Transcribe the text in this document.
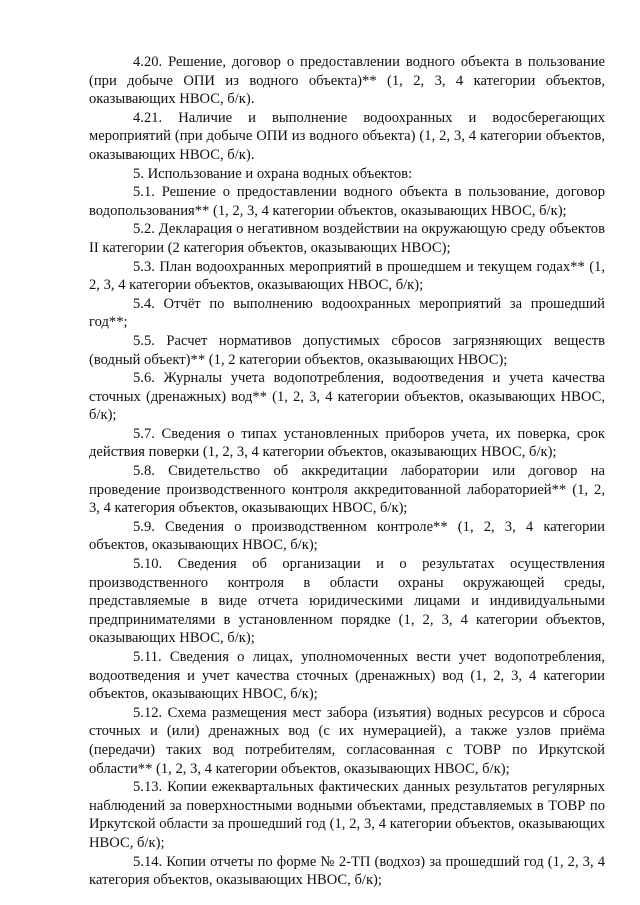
4.20. Решение, договор о предоставлении водного объекта в пользование (при добыче ОПИ из водного объекта)** (1, 2, 3, 4 категории объектов, оказывающих НВОС, б/к).

4.21. Наличие и выполнение водоохранных и водосберегающих мероприятий (при добыче ОПИ из водного объекта) (1, 2, 3, 4 категории объектов, оказывающих НВОС, б/к).

5. Использование и охрана водных объектов:

5.1. Решение о предоставлении водного объекта в пользование, договор водопользования** (1, 2, 3, 4 категории объектов, оказывающих НВОС, б/к);

5.2. Декларация о негативном воздействии на окружающую среду объектов II категории (2 категория объектов, оказывающих НВОС);

5.3. План водоохранных мероприятий в прошедшем и текущем годах** (1, 2, 3, 4 категории объектов, оказывающих НВОС, б/к);

5.4. Отчёт по выполнению водоохранных мероприятий за прошедший год**;

5.5. Расчет нормативов допустимых сбросов загрязняющих веществ (водный объект)** (1, 2 категории объектов, оказывающих НВОС);

5.6. Журналы учета водопотребления, водоотведения и учета качества сточных (дренажных) вод** (1, 2, 3, 4 категории объектов, оказывающих НВОС, б/к);

5.7. Сведения о типах установленных приборов учета, их поверка, срок действия поверки (1, 2, 3, 4 категории объектов, оказывающих НВОС, б/к);

5.8. Свидетельство об аккредитации лаборатории или договор на проведение производственного контроля аккредитованной лабораторией** (1, 2, 3, 4 категория объектов, оказывающих НВОС, б/к);

5.9. Сведения о производственном контроле** (1, 2, 3, 4 категории объектов, оказывающих НВОС, б/к);

5.10. Сведения об организации и о результатах осуществления производственного контроля в области охраны окружающей среды, представляемые в виде отчета юридическими лицами и индивидуальными предпринимателями в установленном порядке (1, 2, 3, 4 категории объектов, оказывающих НВОС, б/к);

5.11. Сведения о лицах, уполномоченных вести учет водопотребления, водоотведения и учет качества сточных (дренажных) вод (1, 2, 3, 4 категории объектов, оказывающих НВОС, б/к);

5.12. Схема размещения мест забора (изъятия) водных ресурсов и сброса сточных и (или) дренажных вод (с их нумерацией), а также узлов приёма (передачи) таких вод потребителям, согласованная с ТОВР по Иркутской области** (1, 2, 3, 4 категории объектов, оказывающих НВОС, б/к);

5.13. Копии ежеквартальных фактических данных результатов регулярных наблюдений за поверхностными водными объектами, представляемых в ТОВР по Иркутской области за прошедший год (1, 2, 3, 4 категории объектов, оказывающих НВОС, б/к);

5.14. Копии отчеты по форме № 2-ТП (водхоз) за прошедший год (1, 2, 3, 4 категория объектов, оказывающих НВОС, б/к);
